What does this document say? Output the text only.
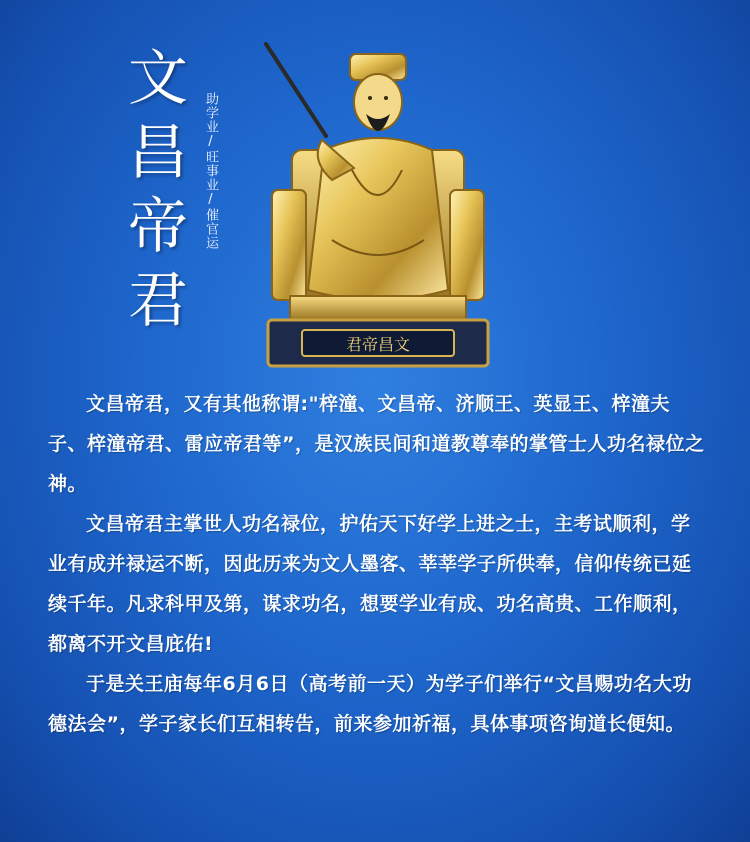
文
昌
帝
君
助学业/旺事业/催官运
君帝昌文

文昌帝君，又有其他称谓:"梓潼、文昌帝、济顺王、英显王、梓潼夫子、梓潼帝君、雷应帝君等”，是汉族民间和道教尊奉的掌管士人功名禄位之神。

文昌帝君主掌世人功名禄位，护佑天下好学上进之士，主考试顺利，学业有成并禄运不断，因此历来为文人墨客、莘莘学子所供奉，信仰传统已延续千年。凡求科甲及第，谋求功名，想要学业有成、功名高贵、工作顺利，都离不开文昌庇佑!

于是关王庙每年6月6日（高考前一天）为学子们举行“文昌赐功名大功德法会”，学子家长们互相转告，前来参加祈福，具体事项咨询道长便知。
